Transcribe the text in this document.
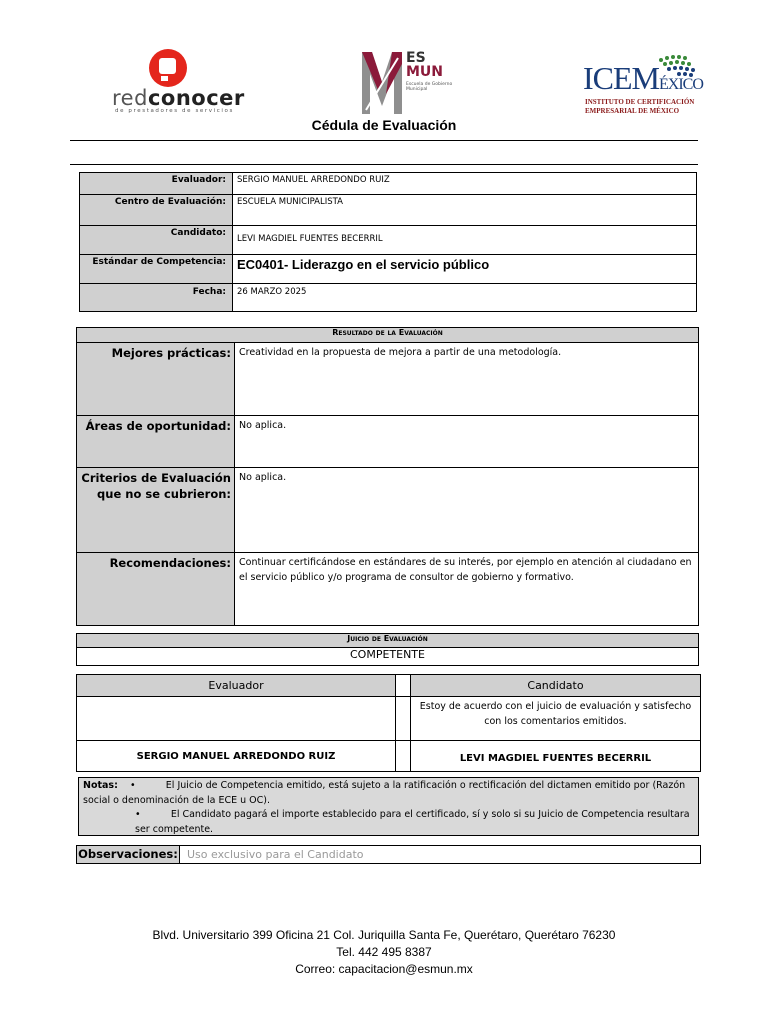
redconocer
de prestadores de servicios
ES
MUN
Escuela de Gobierno Municipal	ICEMÉXICO
INSTITUTO DE CERTIFICACIÓN
EMPRESARIAL DE MÉXICO
Cédula de Evaluación
Evaluador:	SERGIO MANUEL ARREDONDO RUIZ
Centro de Evaluación:	ESCUELA MUNICIPALISTA
Candidato:	LEVI MAGDIEL FUENTES BECERRIL
Estándar de Competencia:	EC0401- Liderazgo en el servicio público
Fecha:	26 MARZO 2025
Resultado de la Evaluación	
Mejores prácticas:	Creatividad en la propuesta de mejora a partir de una metodología.
Áreas de oportunidad:	No aplica.
Criterios de Evaluación que no se cubrieron:	No aplica.
Recomendaciones:	Continuar certificándose en estándares de su interés, por ejemplo en atención al ciudadano en el servicio público y/o programa de consultor de gobierno y formativo.
Juicio de Evaluación
COMPETENTE
Evaluador		Candidato
		Estoy de acuerdo con el juicio de evaluación y satisfecho con los comentarios emitidos.
SERGIO MANUEL ARREDONDO RUIZ		LEVI MAGDIEL FUENTES BECERRIL
Notas: •	El Juicio de Competencia emitido, está sujeto a la ratificación o rectificación del dictamen emitido por (Razón social o denominación de la ECE u OC).
•	El Candidato pagará el importe establecido para el certificado, sí y solo si su Juicio de Competencia resultara ser competente.
Observaciones: Uso exclusivo para el Candidato
Blvd. Universitario 399 Oficina 21 Col. Juriquilla Santa Fe, Querétaro, Querétaro 76230
Tel. 442 495 8387
Correo: capacitacion@esmun.mx
